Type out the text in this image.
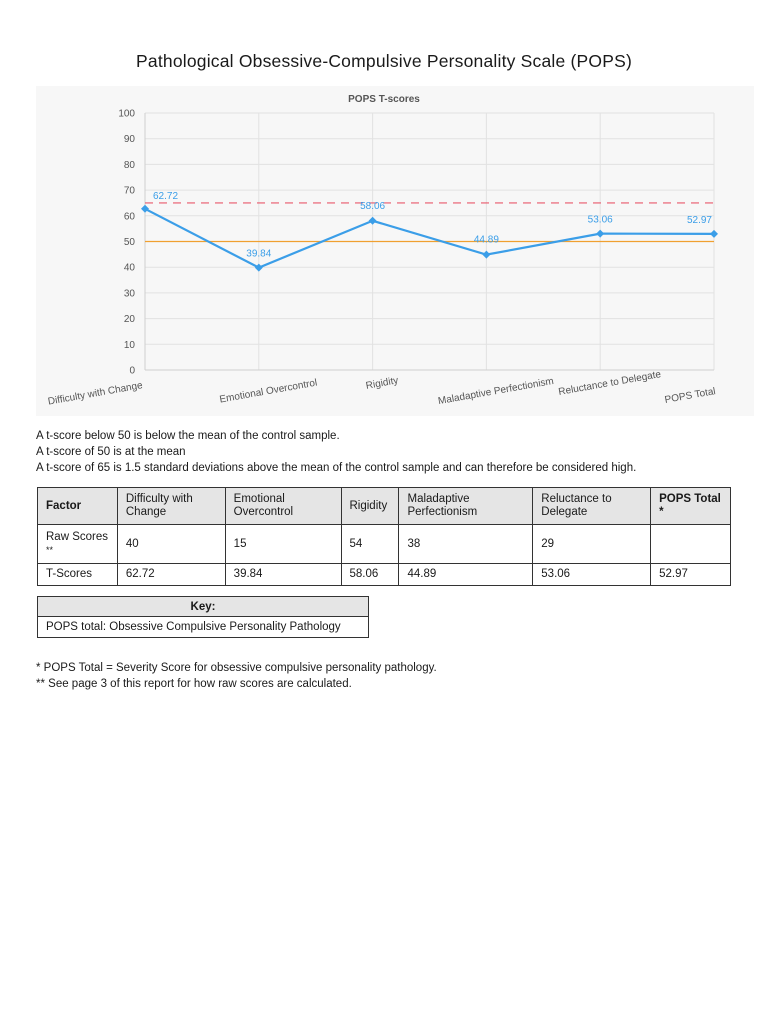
Pathological Obsessive-Compulsive Personality Scale (POPS)
POPS T-scores
0
10
20
30
40
50
60
70
80
90
100
Difficulty with Change	Emotional Overcontrol	Rigidity	Maladaptive Perfectionism Reluctance to Delegate POPS Total
62.72
39.84
58.06
44.89
53.06	52.97
A t-score below 50 is below the mean of the control sample.
A t-score of 50 is at the mean
A t-score of 65 is 1.5 standard deviations above the mean of the control sample and can therefore be considered high.
Factor	Difficulty with Change	Emotional Overcontrol	Rigidity	Maladaptive Perfectionism	Reluctance to Delegate	POPS Total *
Raw Scores **	40	15	54	38	29	
T-Scores	62.72	39.84	58.06	44.89	53.06	52.97
Key:
POPS total: Obsessive Compulsive Personality Pathology
* POPS Total = Severity Score for obsessive compulsive personality pathology.
** See page 3 of this report for how raw scores are calculated.
